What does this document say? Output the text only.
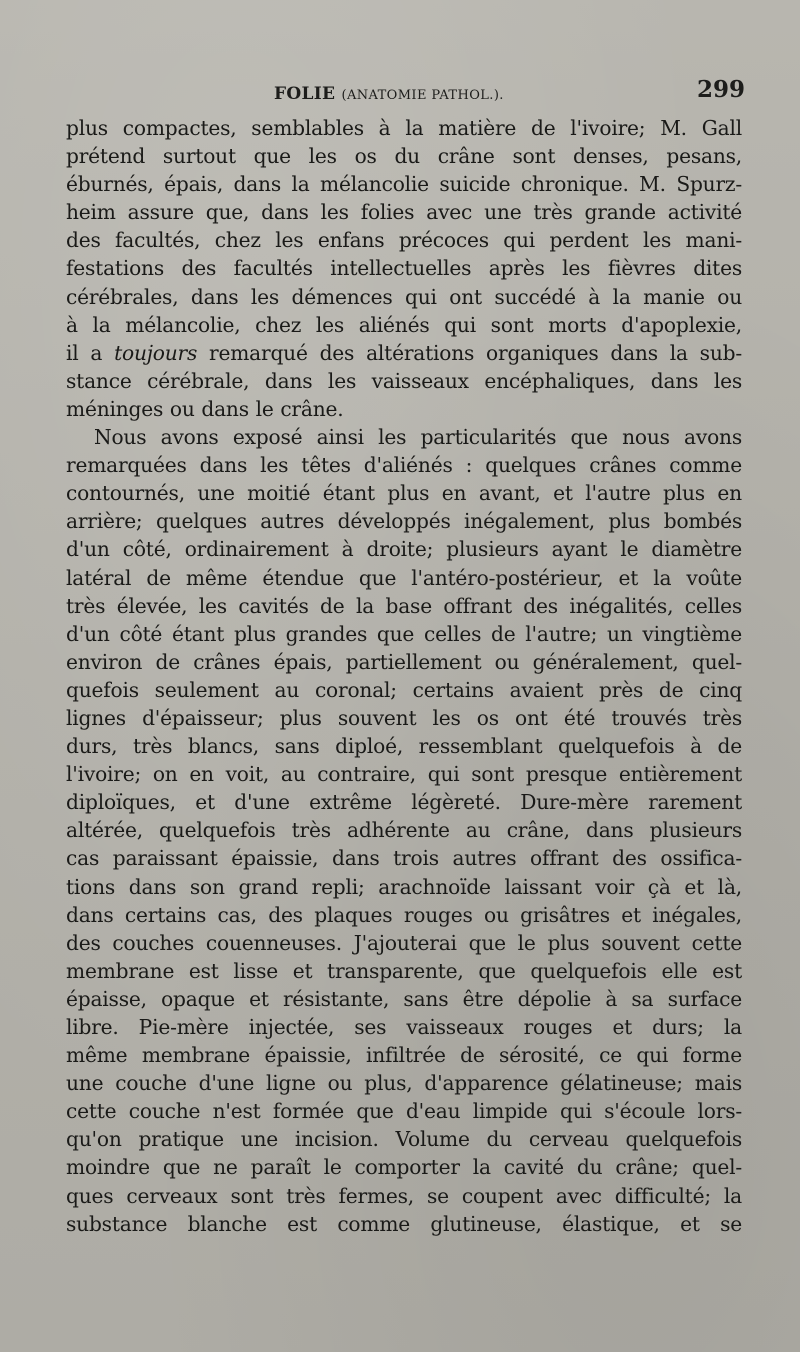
FOLIE (ANATOMIE PATHOL.).	299
plus compactes, semblables à la matière de l'ivoire; M. Gall
prétend surtout que les os du crâne sont denses, pesans,
éburnés, épais, dans la mélancolie suicide chronique. M. Spurz-
heim assure que, dans les folies avec une très grande activité
des facultés, chez les enfans précoces qui perdent les mani-
festations des facultés intellectuelles après les fièvres dites
cérébrales, dans les démences qui ont succédé à la manie ou
à la mélancolie, chez les aliénés qui sont morts d'apoplexie,
il a toujours remarqué des altérations organiques dans la sub-
stance cérébrale, dans les vaisseaux encéphaliques, dans les
méninges ou dans le crâne.
Nous avons exposé ainsi les particularités que nous avons
remarquées dans les têtes d'aliénés : quelques crânes comme
contournés, une moitié étant plus en avant, et l'autre plus en
arrière; quelques autres développés inégalement, plus bombés
d'un côté, ordinairement à droite; plusieurs ayant le diamètre
latéral de même étendue que l'antéro-postérieur, et la voûte
très élevée, les cavités de la base offrant des inégalités, celles
d'un côté étant plus grandes que celles de l'autre; un vingtième
environ de crânes épais, partiellement ou généralement, quel-
quefois seulement au coronal; certains avaient près de cinq
lignes d'épaisseur; plus souvent les os ont été trouvés très
durs, très blancs, sans diploé, ressemblant quelquefois à de
l'ivoire; on en voit, au contraire, qui sont presque entièrement
diploïques, et d'une extrême légèreté. Dure-mère rarement
altérée, quelquefois très adhérente au crâne, dans plusieurs
cas paraissant épaissie, dans trois autres offrant des ossifica-
tions dans son grand repli; arachnoïde laissant voir çà et là,
dans certains cas, des plaques rouges ou grisâtres et inégales,
des couches couenneuses. J'ajouterai que le plus souvent cette
membrane est lisse et transparente, que quelquefois elle est
épaisse, opaque et résistante, sans être dépolie à sa surface
libre. Pie-mère injectée, ses vaisseaux rouges et durs; la
même membrane épaissie, infiltrée de sérosité, ce qui forme
une couche d'une ligne ou plus, d'apparence gélatineuse; mais
cette couche n'est formée que d'eau limpide qui s'écoule lors-
qu'on pratique une incision. Volume du cerveau quelquefois
moindre que ne paraît le comporter la cavité du crâne; quel-
ques cerveaux sont très fermes, se coupent avec difficulté; la
substance blanche est comme glutineuse, élastique, et se
